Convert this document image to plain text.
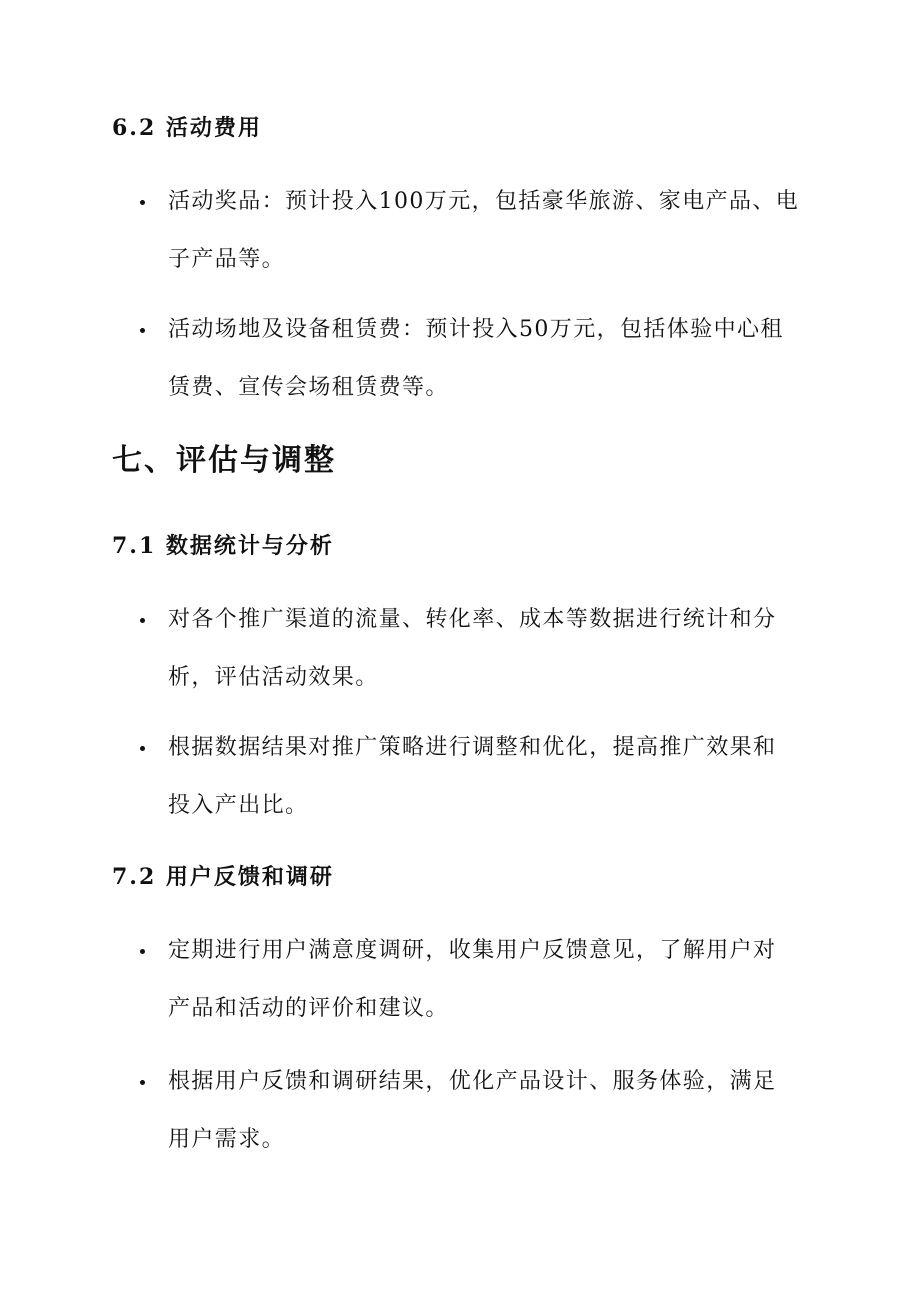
6.2 活动费用
活动奖品：预计投入100万元，包括豪华旅游、家电产品、电
子产品等。
活动场地及设备租赁费：预计投入50万元，包括体验中心租
赁费、宣传会场租赁费等。
七、评估与调整
7.1 数据统计与分析
对各个推广渠道的流量、转化率、成本等数据进行统计和分
析，评估活动效果。
根据数据结果对推广策略进行调整和优化，提高推广效果和
投入产出比。
7.2 用户反馈和调研
定期进行用户满意度调研，收集用户反馈意见，了解用户对
产品和活动的评价和建议。
根据用户反馈和调研结果，优化产品设计、服务体验，满足
用户需求。
